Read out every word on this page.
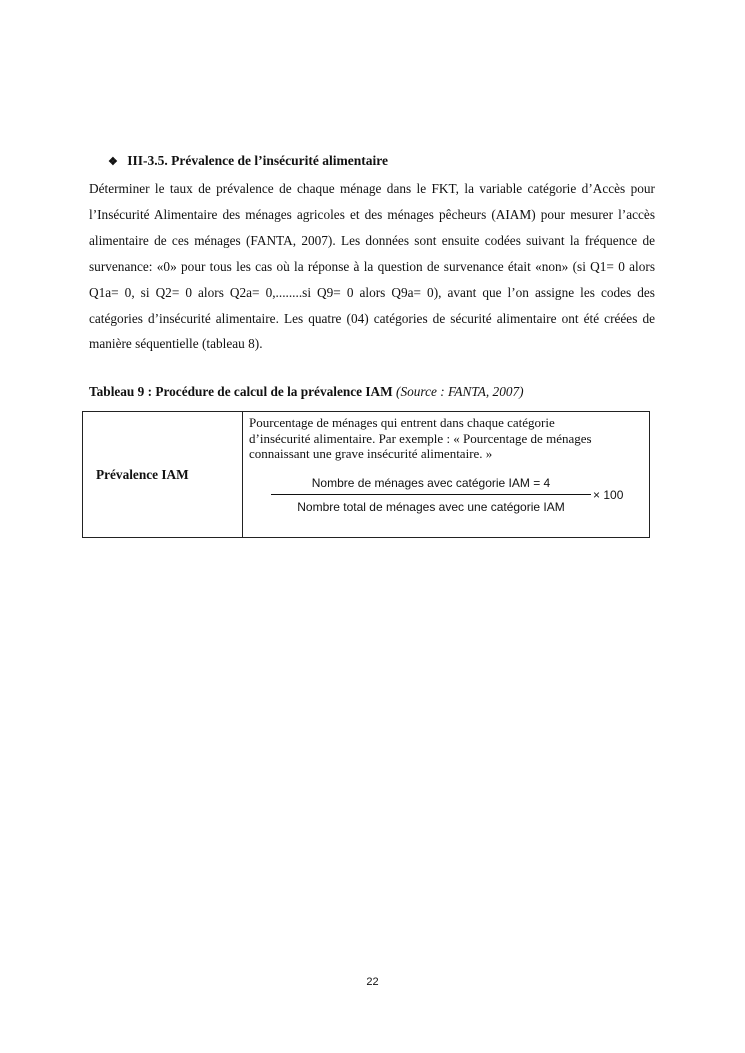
❖ III-3.5. Prévalence de l’insécurité alimentaire
Déterminer le taux de prévalence de chaque ménage dans le FKT, la variable catégorie d’Accès pour l’Insécurité Alimentaire des ménages agricoles et des ménages pêcheurs (AIAM) pour mesurer l’accès alimentaire de ces ménages (FANTA, 2007). Les données sont ensuite codées suivant la fréquence de survenance: «0» pour tous les cas où la réponse à la question de survenance était «non» (si Q1= 0 alors Q1a= 0, si Q2= 0 alors Q2a= 0,........si Q9= 0 alors Q9a= 0), avant que l’on assigne les codes des catégories d’insécurité alimentaire. Les quatre (04) catégories de sécurité alimentaire ont été créées de manière séquentielle (tableau 8).
Tableau 9 : Procédure de calcul de la prévalence IAM (Source : FANTA, 2007)
Prévalence IAM	
Pourcentage de ménages qui entrent dans chaque catégorie d’insécurité alimentaire. Par exemple : « Pourcentage de ménages connaissant une grave insécurité alimentaire. »
Nombre de ménages avec catégorie IAM = 4
Nombre total de ménages avec une catégorie IAM
× 100
22
